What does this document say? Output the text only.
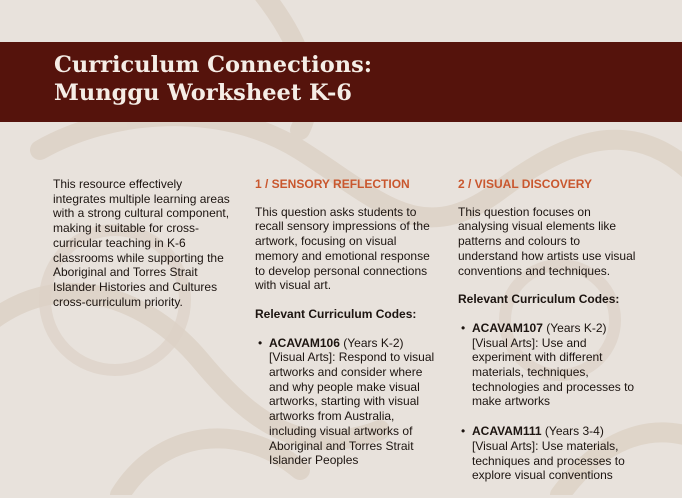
Curriculum Connections:
Munggu Worksheet K-6

This resource effectively integrates multiple learning areas with a strong cultural component, making it suitable for cross-curricular teaching in K-6 classrooms while supporting the Aboriginal and Torres Strait Islander Histories and Cultures cross-curriculum priority.

1 / SENSORY REFLECTION

This question asks students to recall sensory impressions of the artwork, focusing on visual memory and emotional response to develop personal connections with visual art.

Relevant Curriculum Codes:

• ACAVAM106 (Years K-2) [Visual Arts]: Respond to visual artworks and consider where and why people make visual artworks, starting with visual artworks from Australia, including visual artworks of Aboriginal and Torres Strait Islander Peoples

2 / VISUAL DISCOVERY

This question focuses on analysing visual elements like patterns and colours to understand how artists use visual conventions and techniques.

Relevant Curriculum Codes:

• ACAVAM107 (Years K-2) [Visual Arts]: Use and experiment with different materials, techniques, technologies and processes to make artworks
• ACAVAM111 (Years 3-4) [Visual Arts]: Use materials, techniques and processes to explore visual conventions
